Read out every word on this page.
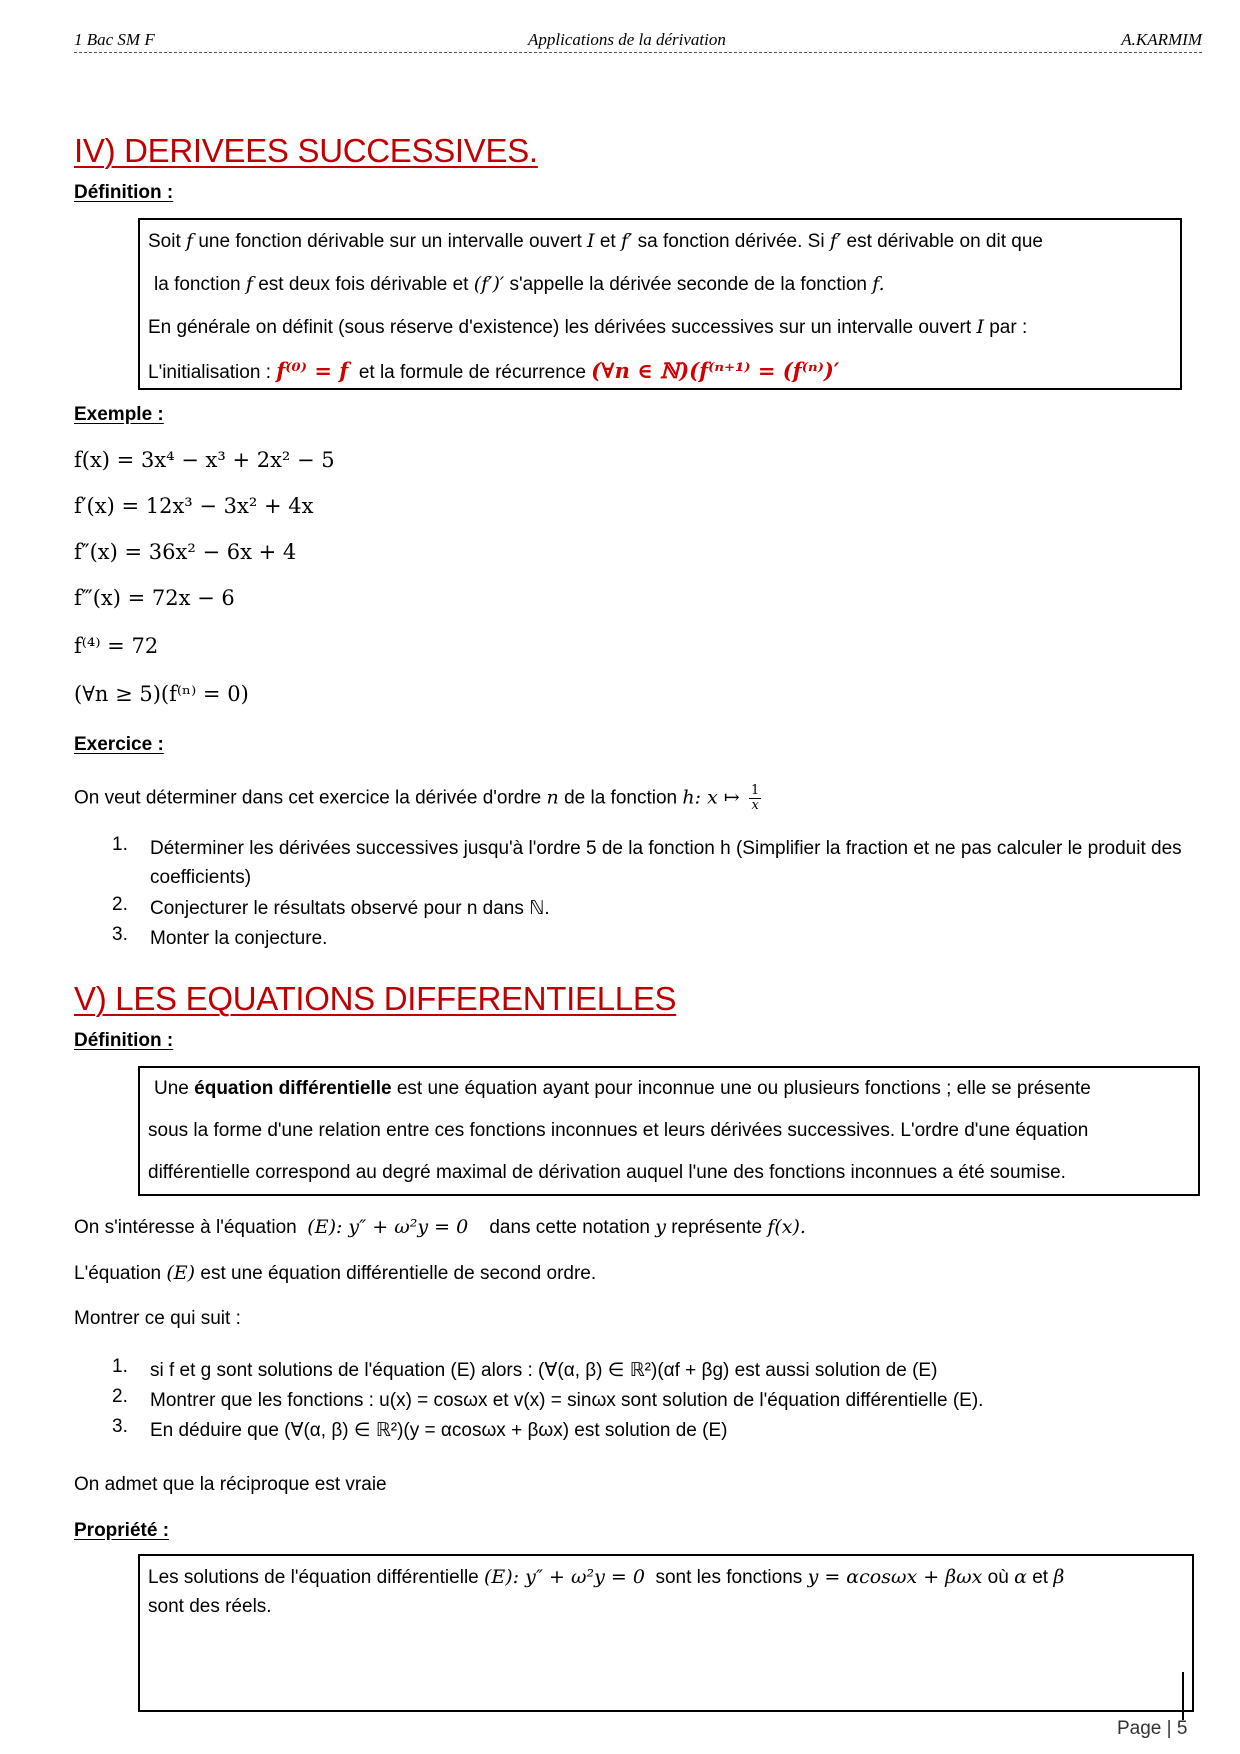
1 Bac SM F	Applications de la dérivation	A.KARMIM
IV) DERIVEES SUCCESSIVES.
Définition :
Soit f une fonction dérivable sur un intervalle ouvert I et f′ sa fonction dérivée. Si f′ est dérivable on dit que
la fonction f est deux fois dérivable et (f′)′ s'appelle la dérivée seconde de la fonction f.
En générale on définit (sous réserve d'existence) les dérivées successives sur un intervalle ouvert I par :
L'initialisation : f⁽⁰⁾ = f et la formule de récurrence (∀n ∈ ℕ)(f⁽ⁿ⁺¹⁾ = (f⁽ⁿ⁾)′
Exemple :
f(x) = 3x⁴ − x³ + 2x² − 5
f′(x) = 12x³ − 3x² + 4x
f″(x) = 36x² − 6x + 4
f‴(x) = 72x − 6
f⁽⁴⁾ = 72
(∀n ≥ 5)(f⁽ⁿ⁾ = 0)
Exercice :
On veut déterminer dans cet exercice la dérivée d'ordre n de la fonction h: x ↦ $\frac{1}{x}$
1. Déterminer les dérivées successives jusqu'à l'ordre 5 de la fonction h (Simplifier la fraction et ne pas calculer le produit des coefficients)
2. Conjecturer le résultats observé pour n dans ℕ.
3. Monter la conjecture.
V) LES EQUATIONS DIFFERENTIELLES
Définition :
Une équation différentielle est une équation ayant pour inconnue une ou plusieurs fonctions ; elle se présente
sous la forme d'une relation entre ces fonctions inconnues et leurs dérivées successives. L'ordre d'une équation
différentielle correspond au degré maximal de dérivation auquel l'une des fonctions inconnues a été soumise.
On s'intéresse à l'équation (E): y″ + ω²y = 0 dans cette notation y représente f(x).
L'équation (E) est une équation différentielle de second ordre.
Montrer ce qui suit :
1. si f et g sont solutions de l'équation (E) alors : (∀(α, β) ∈ ℝ²)(αf + βg) est aussi solution de (E)
2. Montrer que les fonctions : u(x) = cosωx et v(x) = sinωx sont solution de l'équation différentielle (E).
3. En déduire que (∀(α, β) ∈ ℝ²)(y = αcosωx + βωx) est solution de (E)
On admet que la réciproque est vraie
Propriété :
Les solutions de l'équation différentielle (E): y″ + ω²y = 0 sont les fonctions y = αcosωx + βωx où α et β
sont des réels.
Page | 5
